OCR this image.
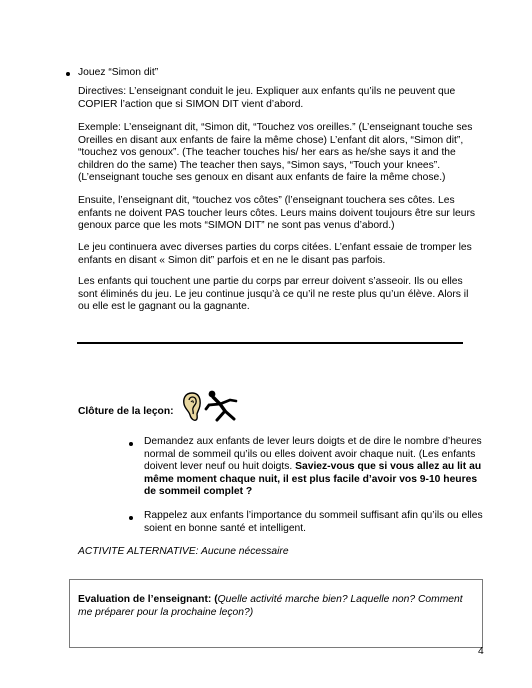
Jouez “Simon dit”

Directives: L’enseignant conduit le jeu. Expliquer aux enfants qu’ils ne peuvent que COPIER l’action que si SIMON DIT vient d’abord.

Exemple: L’enseignant dit, “Simon dit, “Touchez vos oreilles.” (L’enseignant touche ses Oreilles en disant aux enfants de faire la même chose) L’enfant dit alors, “Simon dit”, “touchez vos genoux”. (The teacher touches his/ her ears as he/she says it and the children do the same) The teacher then says, “Simon says, “Touch your knees”. (L’enseignant touche ses genoux en disant aux enfants de faire la même chose.)

Ensuite, l’enseignant dit, “touchez vos côtes” (l’enseignant touchera ses côtes. Les enfants ne doivent PAS toucher leurs côtes. Leurs mains doivent toujours être sur leurs genoux parce que les mots “SIMON DIT” ne sont pas venus d’abord.)

Le jeu continuera avec diverses parties du corps citées. L’enfant essaie de tromper les enfants en disant « Simon dit” parfois et en ne le disant pas parfois.

Les enfants qui touchent une partie du corps par erreur doivent s’asseoir. Ils ou elles sont éliminés du jeu. Le jeu continue jusqu’à ce qu’il ne reste plus qu’un élève. Alors il ou elle est le gagnant ou la gagnante.

Clôture de la leçon:

Demandez aux enfants de lever leurs doigts et de dire le nombre d’heures normal de sommeil qu’ils ou elles doivent avoir chaque nuit. (Les enfants doivent lever neuf ou huit doigts. Saviez-vous que si vous allez au lit au même moment chaque nuit, il est plus facile d’avoir vos 9-10 heures de sommeil complet ?

Rappelez aux enfants l’importance du sommeil suffisant afin qu’ils ou elles soient en bonne santé et intelligent.

ACTIVITE ALTERNATIVE: Aucune nécessaire

Evaluation de l’enseignant: (Quelle activité marche bien? Laquelle non? Comment me préparer pour la prochaine leçon?)

4
